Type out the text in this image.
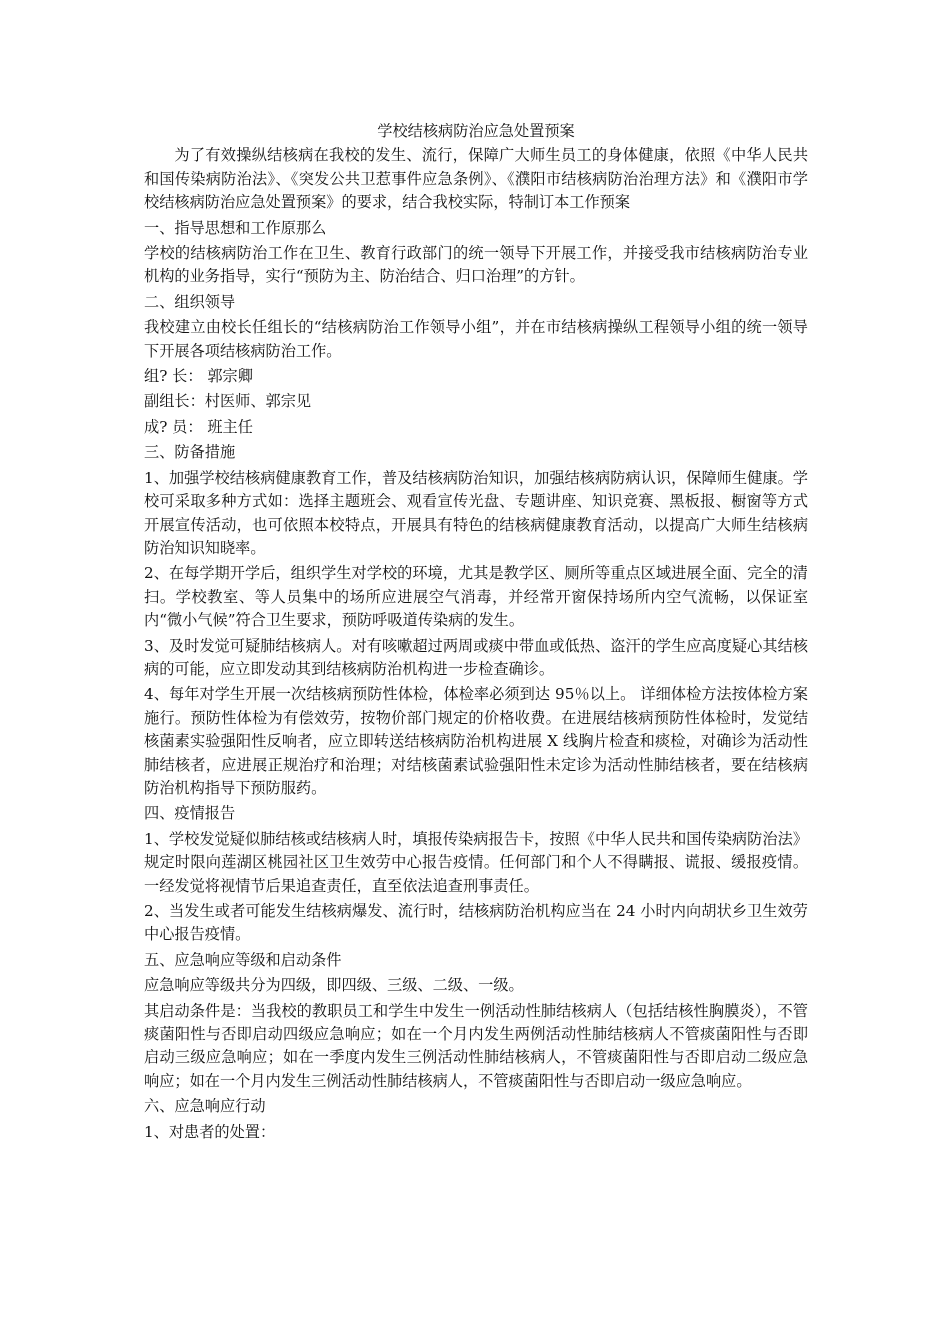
学校结核病防治应急处置预案
为了有效操纵结核病在我校的发生、流行，保障广大师生员工的身体健康，依照《中华人民共和国传染病防治法》、《突发公共卫惹事件应急条例》、《濮阳市结核病防治治理方法》和《濮阳市学校结核病防治应急处置预案》的要求，结合我校实际，特制订本工作预案
一、指导思想和工作原那么
学校的结核病防治工作在卫生、教育行政部门的统一领导下开展工作，并接受我市结核病防治专业机构的业务指导，实行“预防为主、防治结合、归口治理”的方针。
二、组织领导
我校建立由校长任组长的“结核病防治工作领导小组”，并在市结核病操纵工程领导小组的统一领导下开展各项结核病防治工作。
组? 长： 郭宗卿
副组长：村医师、郭宗见
成? 员： 班主任
三、防备措施
1、加强学校结核病健康教育工作，普及结核病防治知识，加强结核病防病认识，保障师生健康。学校可采取多种方式如：选择主题班会、观看宣传光盘、专题讲座、知识竞赛、黑板报、橱窗等方式开展宣传活动，也可依照本校特点，开展具有特色的结核病健康教育活动，以提高广大师生结核病防治知识知晓率。
2、在每学期开学后，组织学生对学校的环境，尤其是教学区、厕所等重点区域进展全面、完全的清扫。学校教室、等人员集中的场所应进展空气消毒，并经常开窗保持场所内空气流畅，以保证室内“微小气候”符合卫生要求，预防呼吸道传染病的发生。
3、及时发觉可疑肺结核病人。对有咳嗽超过两周或痰中带血或低热、盗汗的学生应高度疑心其结核病的可能，应立即发动其到结核病防治机构进一步检查确诊。
4、每年对学生开展一次结核病预防性体检，体检率必须到达 95％以上。 详细体检方法按体检方案施行。预防性体检为有偿效劳，按物价部门规定的价格收费。在进展结核病预防性体检时，发觉结核菌素实验强阳性反响者，应立即转送结核病防治机构进展 X 线胸片检查和痰检，对确诊为活动性肺结核者，应进展正规治疗和治理；对结核菌素试验强阳性未定诊为活动性肺结核者，要在结核病防治机构指导下预防服药。
四、疫情报告
1、学校发觉疑似肺结核或结核病人时，填报传染病报告卡，按照《中华人民共和国传染病防治法》规定时限向莲湖区桃园社区卫生效劳中心报告疫情。任何部门和个人不得瞒报、谎报、缓报疫情。一经发觉将视情节后果追查责任，直至依法追查刑事责任。
2、当发生或者可能发生结核病爆发、流行时，结核病防治机构应当在 24 小时内向胡状乡卫生效劳中心报告疫情。
五、应急响应等级和启动条件
应急响应等级共分为四级，即四级、三级、二级、一级。
其启动条件是：当我校的教职员工和学生中发生一例活动性肺结核病人（包括结核性胸膜炎），不管痰菌阳性与否即启动四级应急响应；如在一个月内发生两例活动性肺结核病人不管痰菌阳性与否即启动三级应急响应；如在一季度内发生三例活动性肺结核病人，不管痰菌阳性与否即启动二级应急响应；如在一个月内发生三例活动性肺结核病人，不管痰菌阳性与否即启动一级应急响应。
六、应急响应行动
1、对患者的处置：
